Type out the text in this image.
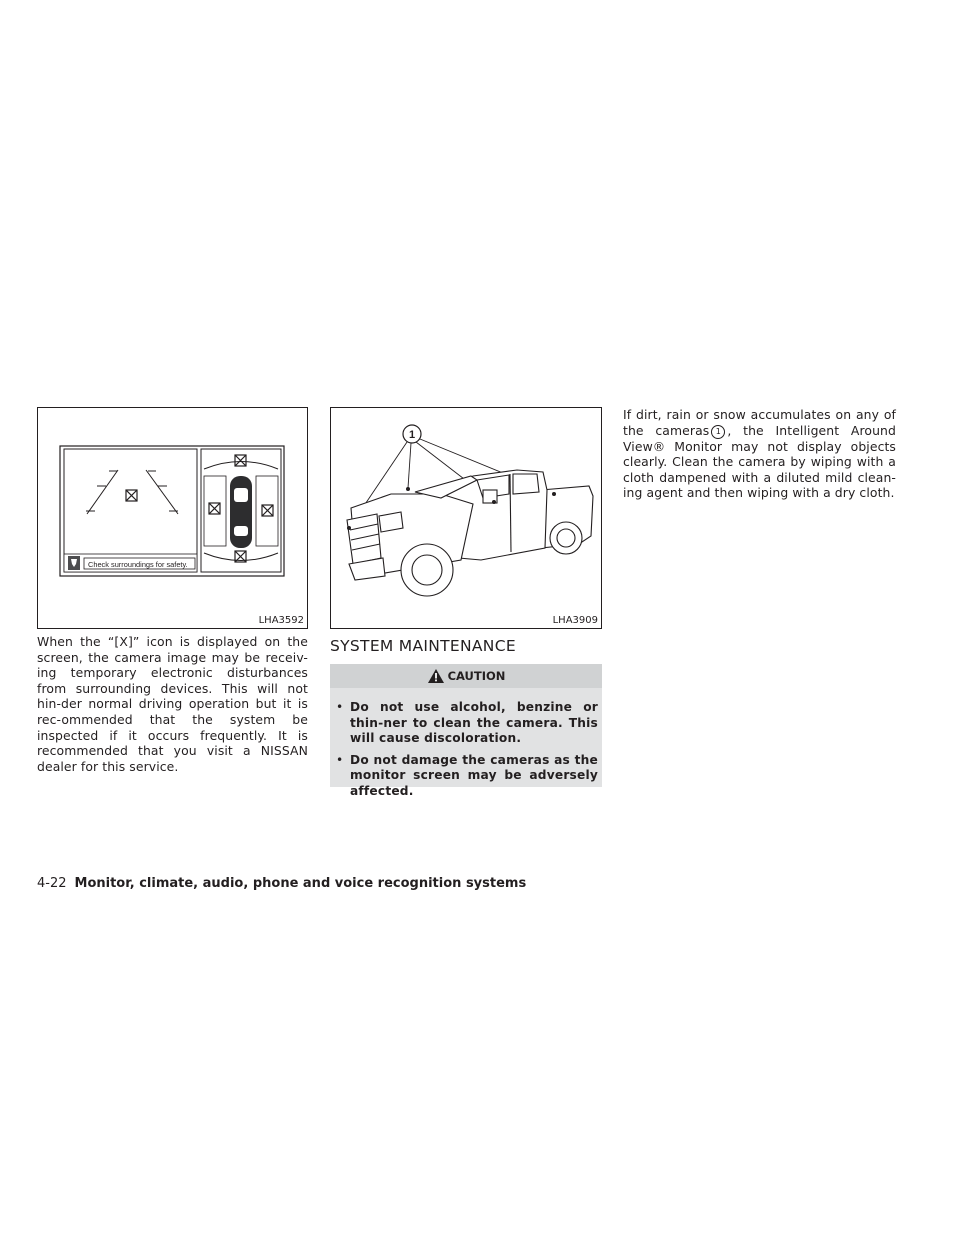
Check surroundings for safety.
LHA3592
1
LHA3909
When the “[X]” icon is displayed on the screen, the camera image may be receiv-ing temporary electronic disturbances from surrounding devices. This will not hin-der normal driving operation but it is rec-ommended that the system be inspected if it occurs frequently. It is recommended that you visit a NISSAN dealer for this service.
SYSTEM MAINTENANCE
CAUTION
• Do not use alcohol, benzine or thin-ner to clean the camera. This will cause discoloration.
• Do not damage the cameras as the monitor screen may be adversely affected.
If dirt, rain or snow accumulates on any of the cameras 1 , the Intelligent Around View® Monitor may not display objects clearly. Clean the camera by wiping with a cloth dampened with a diluted mild clean-ing agent and then wiping with a dry cloth.
4-22 Monitor, climate, audio, phone and voice recognition systems
